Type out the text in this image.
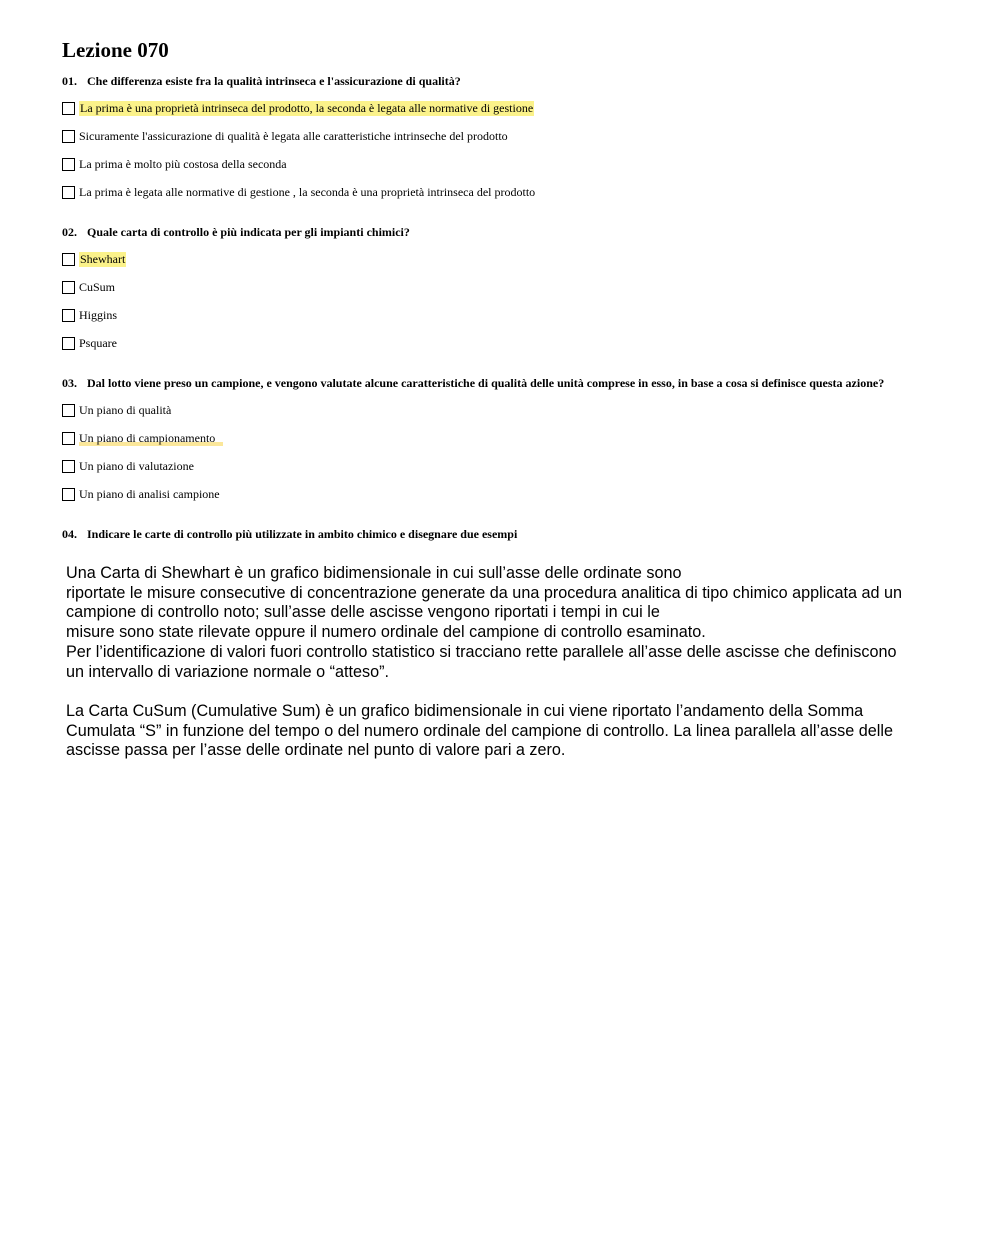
Lezione 070
01. Che differenza esiste fra la qualità intrinseca e l'assicurazione di qualità?
La prima è una proprietà intrinseca del prodotto, la seconda è legata alle normative di gestione
Sicuramente l'assicurazione di qualità è legata alle caratteristiche intrinseche del prodotto
La prima è molto più costosa della seconda
La prima è legata alle normative di gestione , la seconda è una proprietà intrinseca del prodotto
02. Quale carta di controllo è più indicata per gli impianti chimici?
Shewhart
CuSum
Higgins
Psquare
03. Dal lotto viene preso un campione, e vengono valutate alcune caratteristiche di qualità delle unità comprese in esso, in base a cosa si definisce questa azione?
Un piano di qualità
Un piano di campionamento
Un piano di valutazione
Un piano di analisi campione
04. Indicare le carte di controllo più utilizzate in ambito chimico e disegnare due esempi
Una Carta di Shewhart è un grafico bidimensionale in cui sull’asse delle ordinate sono
riportate le misure consecutive di concentrazione generate da una procedura analitica di tipo chimico applicata ad un
campione di controllo noto; sull’asse delle ascisse vengono riportati i tempi in cui le
misure sono state rilevate oppure il numero ordinale del campione di controllo esaminato.
Per l’identificazione di valori fuori controllo statistico si tracciano rette parallele all’asse delle ascisse che definiscono
un intervallo di variazione normale o “atteso”.
La Carta CuSum (Cumulative Sum) è un grafico bidimensionale in cui viene riportato l’andamento della Somma
Cumulata “S” in funzione del tempo o del numero ordinale del campione di controllo. La linea parallela all’asse delle
ascisse passa per l’asse delle ordinate nel punto di valore pari a zero.
